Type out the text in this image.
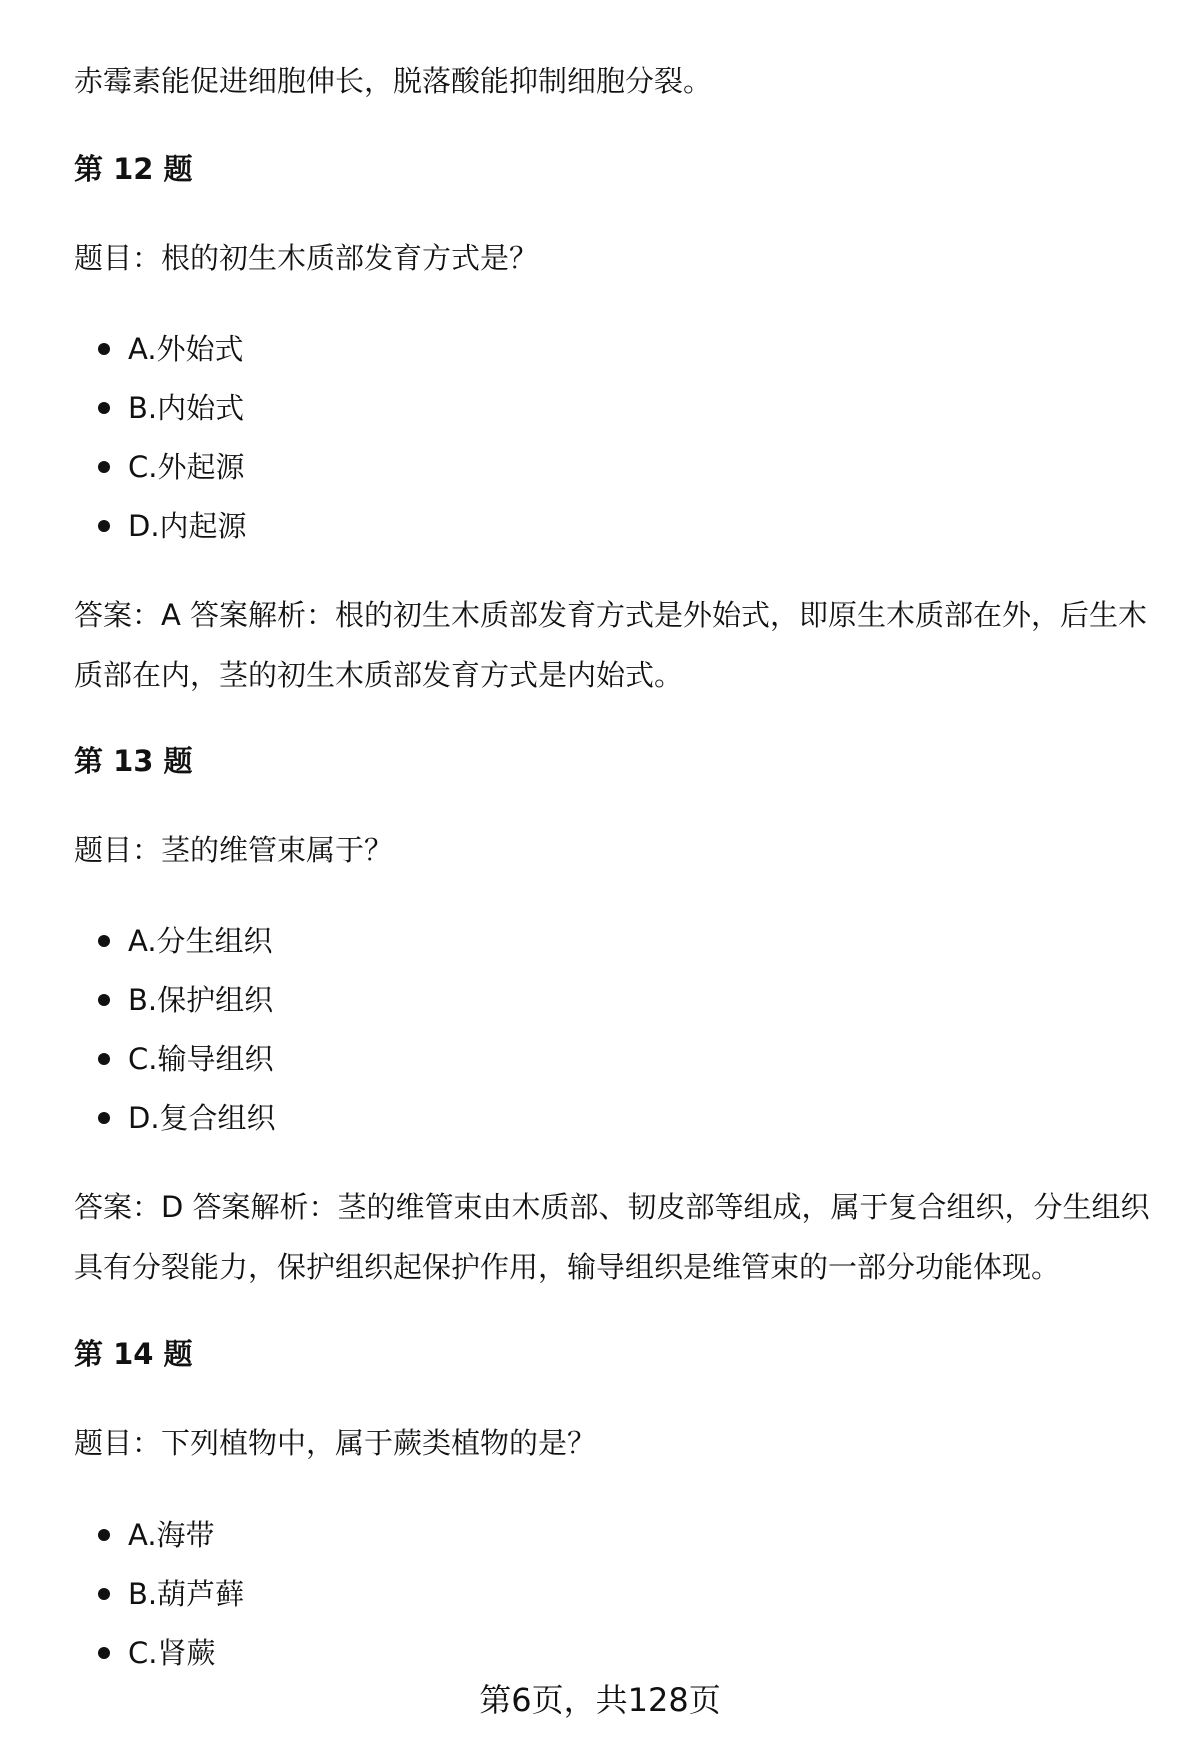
赤霉素能促进细胞伸长，脱落酸能抑制细胞分裂。

第 12 题

题目：根的初生木质部发育方式是？

A.外始式

B.内始式

C.外起源

D.内起源

答案：A 答案解析：根的初生木质部发育方式是外始式，即原生木质部在外，后生木质部在内，茎的初生木质部发育方式是内始式。

第 13 题

题目：茎的维管束属于？

A.分生组织

B.保护组织

C.输导组织

D.复合组织

答案：D 答案解析：茎的维管束由木质部、韧皮部等组成，属于复合组织，分生组织具有分裂能力，保护组织起保护作用，输导组织是维管束的一部分功能体现。

第 14 题

题目：下列植物中，属于蕨类植物的是？

A.海带

B.葫芦藓

C.肾蕨

第6页，共128页
